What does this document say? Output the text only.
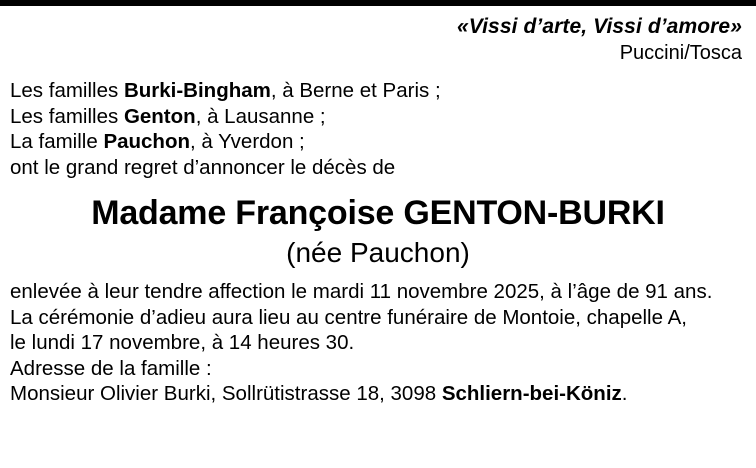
«Vissi d’arte, Vissi d’amore»
Puccini/Tosca
Les familles Burki-Bingham, à Berne et Paris ;
Les familles Genton, à Lausanne ;
La famille Pauchon, à Yverdon ;
ont le grand regret d’annoncer le décès de
Madame Françoise GENTON-BURKI
(née Pauchon)
enlevée à leur tendre affection le mardi 11 novembre 2025, à l’âge de 91 ans.
La cérémonie d’adieu aura lieu au centre funéraire de Montoie, chapelle A,
le lundi 17 novembre, à 14 heures 30.
Adresse de la famille :
Monsieur Olivier Burki, Sollrütistrasse 18, 3098 Schliern-bei-Köniz.
